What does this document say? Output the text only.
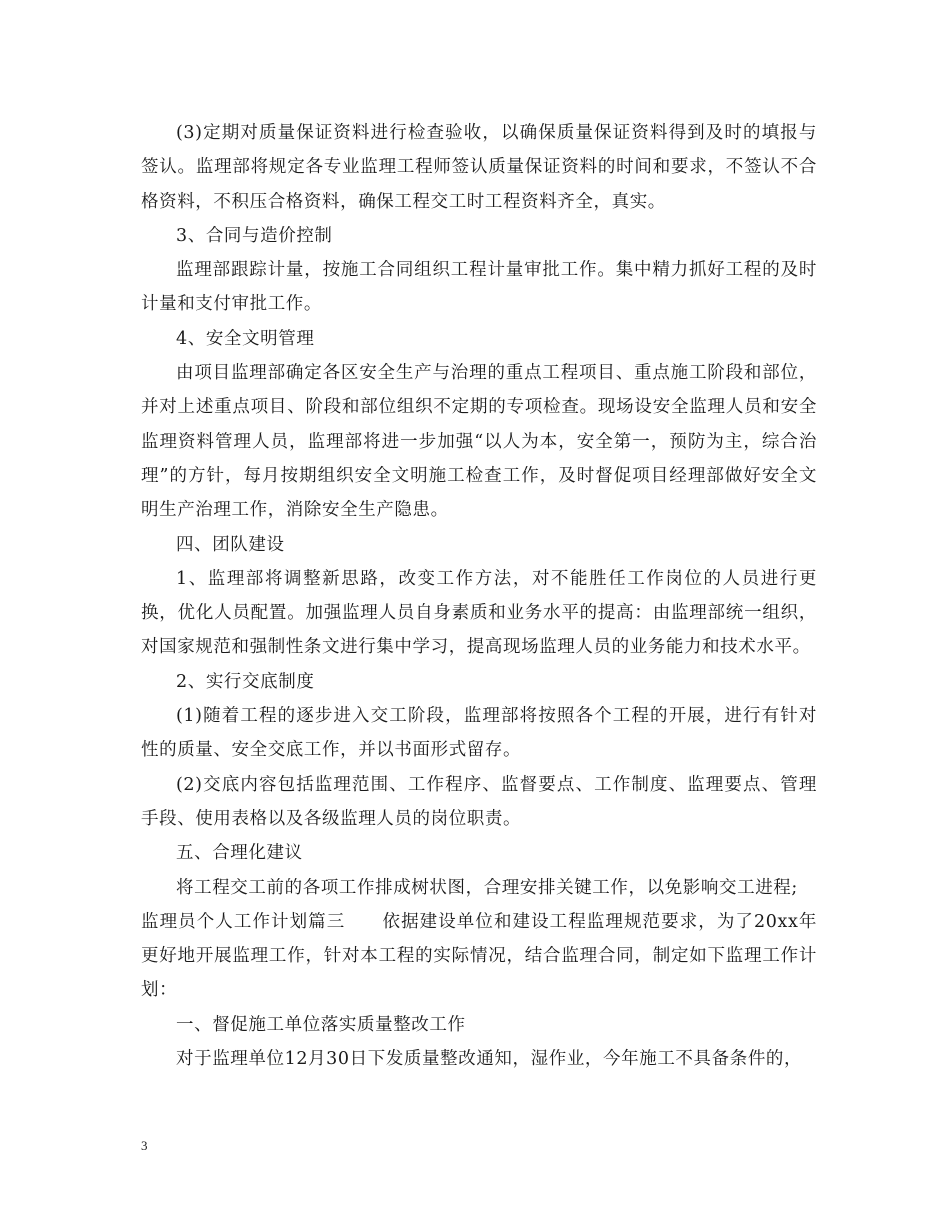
(3)定期对质量保证资料进行检查验收，以确保质量保证资料得到及时的填报与签认。监理部将规定各专业监理工程师签认质量保证资料的时间和要求，不签认不合格资料，不积压合格资料，确保工程交工时工程资料齐全，真实。

3、合同与造价控制

监理部跟踪计量，按施工合同组织工程计量审批工作。集中精力抓好工程的及时计量和支付审批工作。

4、安全文明管理

由项目监理部确定各区安全生产与治理的重点工程项目、重点施工阶段和部位，并对上述重点项目、阶段和部位组织不定期的专项检查。现场设安全监理人员和安全监理资料管理人员，监理部将进一步加强“以人为本，安全第一，预防为主，综合治理”的方针，每月按期组织安全文明施工检查工作，及时督促项目经理部做好安全文明生产治理工作，消除安全生产隐患。

四、团队建设

1、监理部将调整新思路，改变工作方法，对不能胜任工作岗位的人员进行更换，优化人员配置。加强监理人员自身素质和业务水平的提高：由监理部统一组织，对国家规范和强制性条文进行集中学习，提高现场监理人员的业务能力和技术水平。

2、实行交底制度

(1)随着工程的逐步进入交工阶段，监理部将按照各个工程的开展，进行有针对性的质量、安全交底工作，并以书面形式留存。

(2)交底内容包括监理范围、工作程序、监督要点、工作制度、监理要点、管理手段、使用表格以及各级监理人员的岗位职责。

五、合理化建议

将工程交工前的各项工作排成树状图，合理安排关键工作，以免影响交工进程;

监理员个人工作计划篇三　　依据建设单位和建设工程监理规范要求，为了20xx年更好地开展监理工作，针对本工程的实际情况，结合监理合同，制定如下监理工作计划：

一、督促施工单位落实质量整改工作

对于监理单位12月30日下发质量整改通知，湿作业，今年施工不具备条件的，

3
